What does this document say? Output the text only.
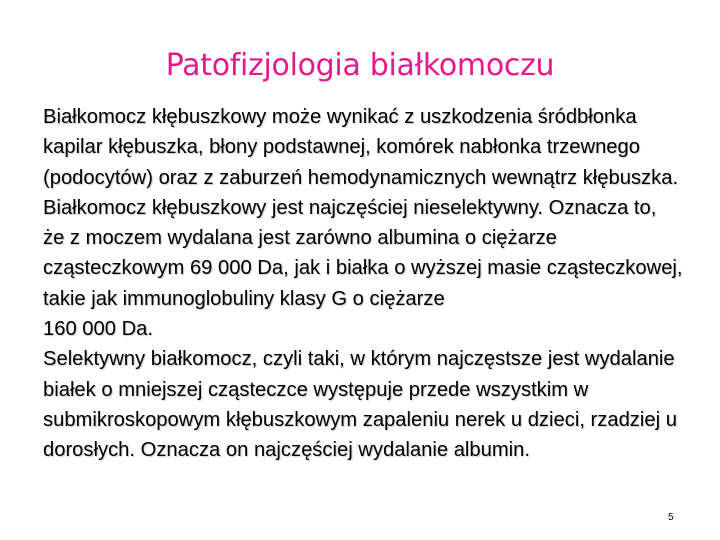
Patofizjologia białkomoczu

Białkomocz kłębuszkowy może wynikać z uszkodzenia śródbłonka kapilar kłębuszka, błony podstawnej, komórek nabłonka trzewnego (podocytów) oraz z zaburzeń hemodynamicznych wewnątrz kłębuszka.

Białkomocz kłębuszkowy jest najczęściej nieselektywny. Oznacza to, że z moczem wydalana jest zarówno albumina o ciężarze cząsteczkowym 69 000 Da, jak i białka o wyższej masie cząsteczkowej, takie jak immunoglobuliny klasy G o ciężarze

160 000 Da.

Selektywny białkomocz, czyli taki, w którym najczęstsze jest wydalanie białek o mniejszej cząsteczce występuje przede wszystkim w submikroskopowym kłębuszkowym zapaleniu nerek u dzieci, rzadziej u dorosłych. Oznacza on najczęściej wydalanie albumin.

5
